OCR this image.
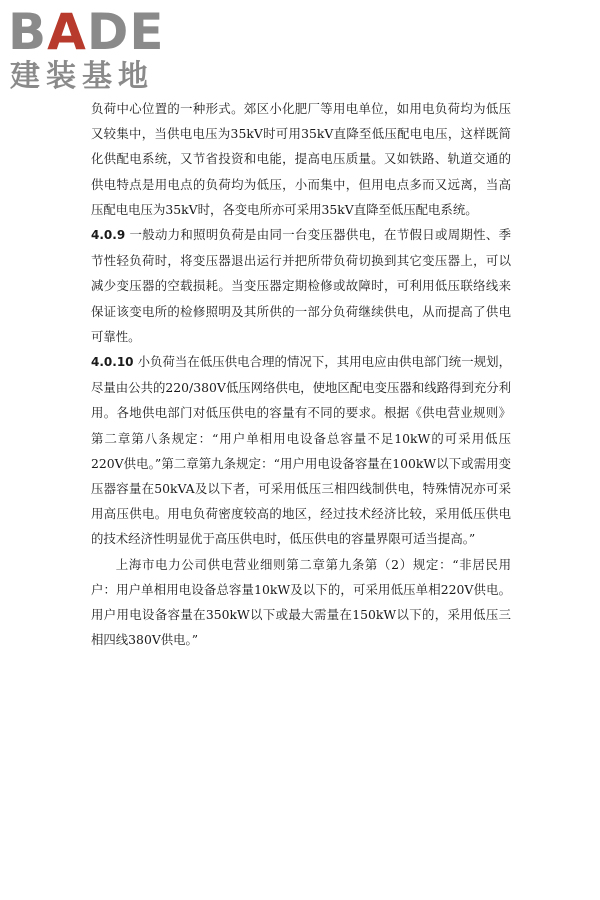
BADE
建装基地

负荷中心位置的一种形式。郊区小化肥厂等用电单位，如用电负荷均为低压又较集中，当供电电压为35kV时可用35kV直降至低压配电电压，这样既简化供配电系统，又节省投资和电能，提高电压质量。又如铁路、轨道交通的供电特点是用电点的负荷均为低压，小而集中，但用电点多而又远离，当高压配电电压为35kV时，各变电所亦可采用35kV直降至低压配电系统。

4.0.9 一般动力和照明负荷是由同一台变压器供电，在节假日或周期性、季节性轻负荷时，将变压器退出运行并把所带负荷切换到其它变压器上，可以减少变压器的空载损耗。当变压器定期检修或故障时，可利用低压联络线来保证该变电所的检修照明及其所供的一部分负荷继续供电，从而提高了供电可靠性。

4.0.10 小负荷当在低压供电合理的情况下，其用电应由供电部门统一规划，尽量由公共的220/380V低压网络供电，使地区配电变压器和线路得到充分利用。各地供电部门对低压供电的容量有不同的要求。根据《供电营业规则》第二章第八条规定：“用户单相用电设备总容量不足10kW的可采用低压220V供电。”第二章第九条规定：“用户用电设备容量在100kW以下或需用变压器容量在50kVA及以下者，可采用低压三相四线制供电，特殊情况亦可采用高压供电。用电负荷密度较高的地区，经过技术经济比较，采用低压供电的技术经济性明显优于高压供电时，低压供电的容量界限可适当提高。”

上海市电力公司供电营业细则第二章第九条第（2）规定：“非居民用户：用户单相用电设备总容量10kW及以下的，可采用低压单相220V供电。用户用电设备容量在350kW以下或最大需量在150kW以下的，采用低压三相四线380V供电。”
